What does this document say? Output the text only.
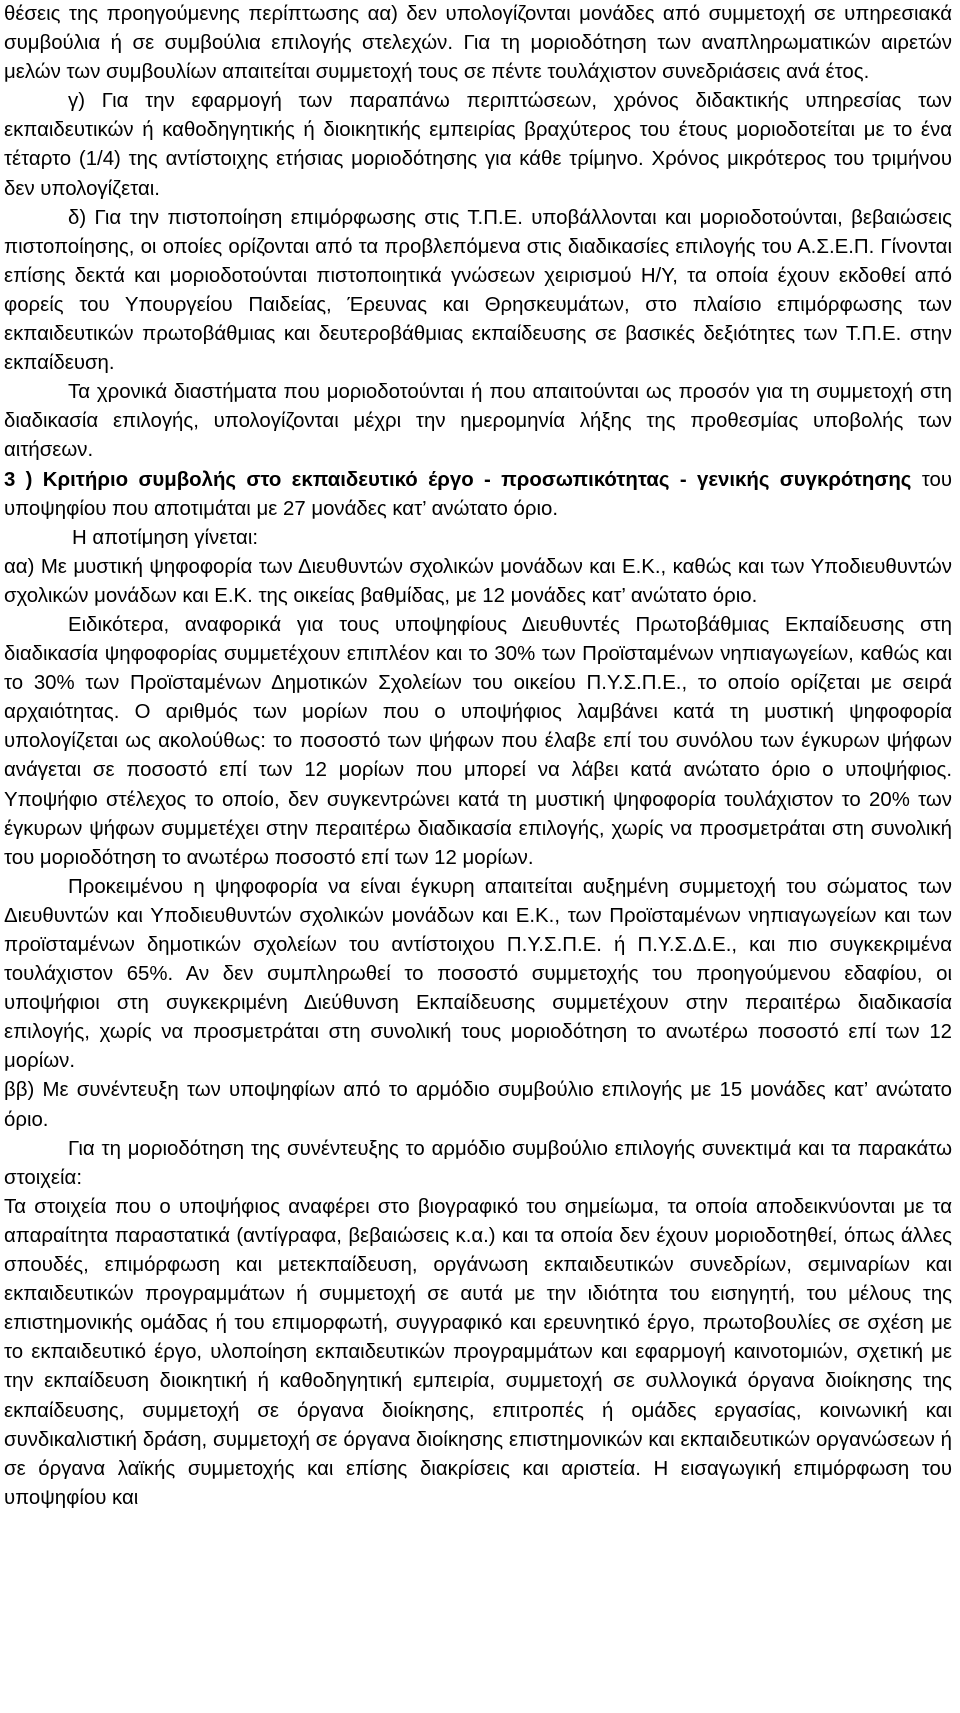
θέσεις της προηγούμενης περίπτωσης αα) δεν υπολογίζονται μονάδες από συμμετοχή σε υπηρεσιακά συμβούλια ή σε συμβούλια επιλογής στελεχών. Για τη μοριοδότηση των αναπληρωματικών αιρετών μελών των συμβουλίων απαιτείται συμμετοχή τους σε πέντε τουλάχιστον συνεδριάσεις ανά έτος.

γ) Για την εφαρμογή των παραπάνω περιπτώσεων, χρόνος διδακτικής υπηρεσίας των εκπαιδευτικών ή καθοδηγητικής ή διοικητικής εμπειρίας βραχύτερος του έτους μοριοδοτείται με το ένα τέταρτο (1/4) της αντίστοιχης ετήσιας μοριοδότησης για κάθε τρίμηνο. Χρόνος μικρότερος του τριμήνου δεν υπολογίζεται.

δ) Για την πιστοποίηση επιμόρφωσης στις Τ.Π.Ε. υποβάλλονται και μοριοδοτούνται, βεβαιώσεις πιστοποίησης, οι οποίες ορίζονται από τα προβλεπόμενα στις διαδικασίες επιλογής του Α.Σ.Ε.Π. Γίνονται επίσης δεκτά και μοριοδοτούνται πιστοποιητικά γνώσεων χειρισμού Η/Υ, τα οποία έχουν εκδοθεί από φορείς του Υπουργείου Παιδείας, Έρευνας και Θρησκευμάτων, στο πλαίσιο επιμόρφωσης των εκπαιδευτικών πρωτοβάθμιας και δευτεροβάθμιας εκπαίδευσης σε βασικές δεξιότητες των Τ.Π.Ε. στην εκπαίδευση.

Τα χρονικά διαστήματα που μοριοδοτούνται ή που απαιτούνται ως προσόν για τη συμμετοχή στη διαδικασία επιλογής, υπολογίζονται μέχρι την ημερομηνία λήξης της προθεσμίας υποβολής των αιτήσεων.

3 ) Κριτήριο συμβολής στο εκπαιδευτικό έργο - προσωπικότητας - γενικής συγκρότησης του υποψηφίου που αποτιμάται με 27 μονάδες κατ’ ανώτατο όριο.

Η αποτίμηση γίνεται:

αα) Με μυστική ψηφοφορία των Διευθυντών σχολικών μονάδων και Ε.Κ., καθώς και των Υποδιευθυντών σχολικών μονάδων και Ε.Κ. της οικείας βαθμίδας, με 12 μονάδες κατ’ ανώτατο όριο.

Ειδικότερα, αναφορικά για τους υποψηφίους Διευθυντές Πρωτοβάθμιας Εκπαίδευσης στη διαδικασία ψηφοφορίας συμμετέχουν επιπλέον και το 30% των Προϊσταμένων νηπιαγωγείων, καθώς και το 30% των Προϊσταμένων Δημοτικών Σχολείων του οικείου Π.Υ.Σ.Π.Ε., το οποίο ορίζεται με σειρά αρχαιότητας. Ο αριθμός των μορίων που ο υποψήφιος λαμβάνει κατά τη μυστική ψηφοφορία υπολογίζεται ως ακολούθως: το ποσοστό των ψήφων που έλαβε επί του συνόλου των έγκυρων ψήφων ανάγεται σε ποσοστό επί των 12 μορίων που μπορεί να λάβει κατά ανώτατο όριο ο υποψήφιος. Υποψήφιο στέλεχος το οποίο, δεν συγκεντρώνει κατά τη μυστική ψηφοφορία τουλάχιστον το 20% των έγκυρων ψήφων συμμετέχει στην περαιτέρω διαδικασία επιλογής, χωρίς να προσμετράται στη συνολική του μοριοδότηση το ανωτέρω ποσοστό επί των 12 μορίων.

Προκειμένου η ψηφοφορία να είναι έγκυρη απαιτείται αυξημένη συμμετοχή του σώματος των Διευθυντών και Υποδιευθυντών σχολικών μονάδων και Ε.Κ., των Προϊσταμένων νηπιαγωγείων και των προϊσταμένων δημοτικών σχολείων του αντίστοιχου Π.Υ.Σ.Π.Ε. ή Π.Υ.Σ.Δ.Ε., και πιο συγκεκριμένα τουλάχιστον 65%. Αν δεν συμπληρωθεί το ποσοστό συμμετοχής του προηγούμενου εδαφίου, οι υποψήφιοι στη συγκεκριμένη Διεύθυνση Εκπαίδευσης συμμετέχουν στην περαιτέρω διαδικασία επιλογής, χωρίς να προσμετράται στη συνολική τους μοριοδότηση το ανωτέρω ποσοστό επί των 12 μορίων.

ββ) Με συνέντευξη των υποψηφίων από το αρμόδιο συμβούλιο επιλογής με 15 μονάδες κατ’ ανώτατο όριο.

Για τη μοριοδότηση της συνέντευξης το αρμόδιο συμβούλιο επιλογής συνεκτιμά και τα παρακάτω στοιχεία:

Τα στοιχεία που ο υποψήφιος αναφέρει στο βιογραφικό του σημείωμα, τα οποία αποδεικνύονται με τα απαραίτητα παραστατικά (αντίγραφα, βεβαιώσεις κ.α.) και τα οποία δεν έχουν μοριοδοτηθεί, όπως άλλες σπουδές, επιμόρφωση και μετεκπαίδευση, οργάνωση εκπαιδευτικών συνεδρίων, σεμιναρίων και εκπαιδευτικών προγραμμάτων ή συμμετοχή σε αυτά με την ιδιότητα του εισηγητή, του μέλους της επιστημονικής ομάδας ή του επιμορφωτή, συγγραφικό και ερευνητικό έργο, πρωτοβουλίες σε σχέση με το εκπαιδευτικό έργο, υλοποίηση εκπαιδευτικών προγραμμάτων και εφαρμογή καινοτομιών, σχετική με την εκπαίδευση διοικητική ή καθοδηγητική εμπειρία, συμμετοχή σε συλλογικά όργανα διοίκησης της εκπαίδευσης, συμμετοχή σε όργανα διοίκησης, επιτροπές ή ομάδες εργασίας, κοινωνική και συνδικαλιστική δράση, συμμετοχή σε όργανα διοίκησης επιστημονικών και εκπαιδευτικών οργανώσεων ή σε όργανα λαϊκής συμμετοχής και επίσης διακρίσεις και αριστεία. Η εισαγωγική επιμόρφωση του υποψηφίου και
